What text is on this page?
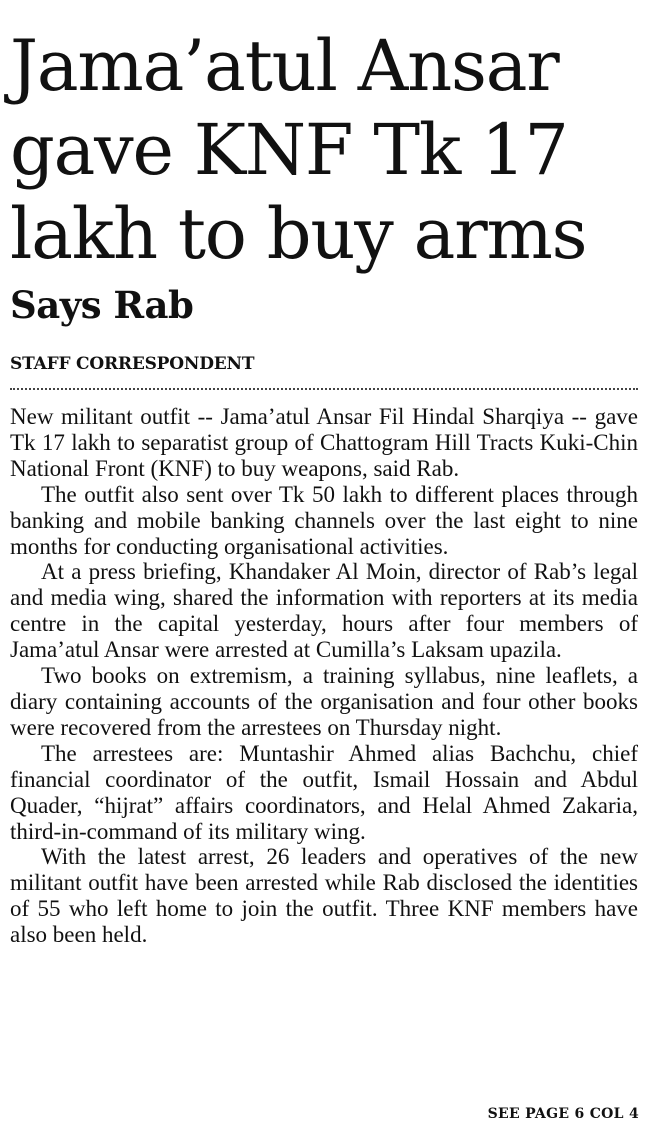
Jama’atul Ansar
gave KNF Tk 17
lakh to buy arms
Says Rab
STAFF CORRESPONDENT

New militant outfit -- Jama’atul Ansar Fil Hindal Sharqiya -- gave Tk 17 lakh to separatist group of Chattogram Hill Tracts Kuki-Chin National Front (KNF) to buy weapons, said Rab.

The outfit also sent over Tk 50 lakh to different places through banking and mobile banking channels over the last eight to nine months for conducting organisational activities.

At a press briefing, Khandaker Al Moin, director of Rab’s legal and media wing, shared the information with reporters at its media centre in the capital yesterday, hours after four members of Jama’atul Ansar were arrested at Cumilla’s Laksam upazila.

Two books on extremism, a training syllabus, nine leaflets, a diary containing accounts of the organisation and four other books were recovered from the arrestees on Thursday night.

The arrestees are: Muntashir Ahmed alias Bachchu, chief financial coordinator of the outfit, Ismail Hossain and Abdul Quader, “hijrat” affairs coordinators, and Helal Ahmed Zakaria, third-in-command of its military wing.

With the latest arrest, 26 leaders and operatives of the new militant outfit have been arrested while Rab disclosed the identities of 55 who left home to join the outfit. Three KNF members have also been held.

SEE PAGE 6 COL 4
